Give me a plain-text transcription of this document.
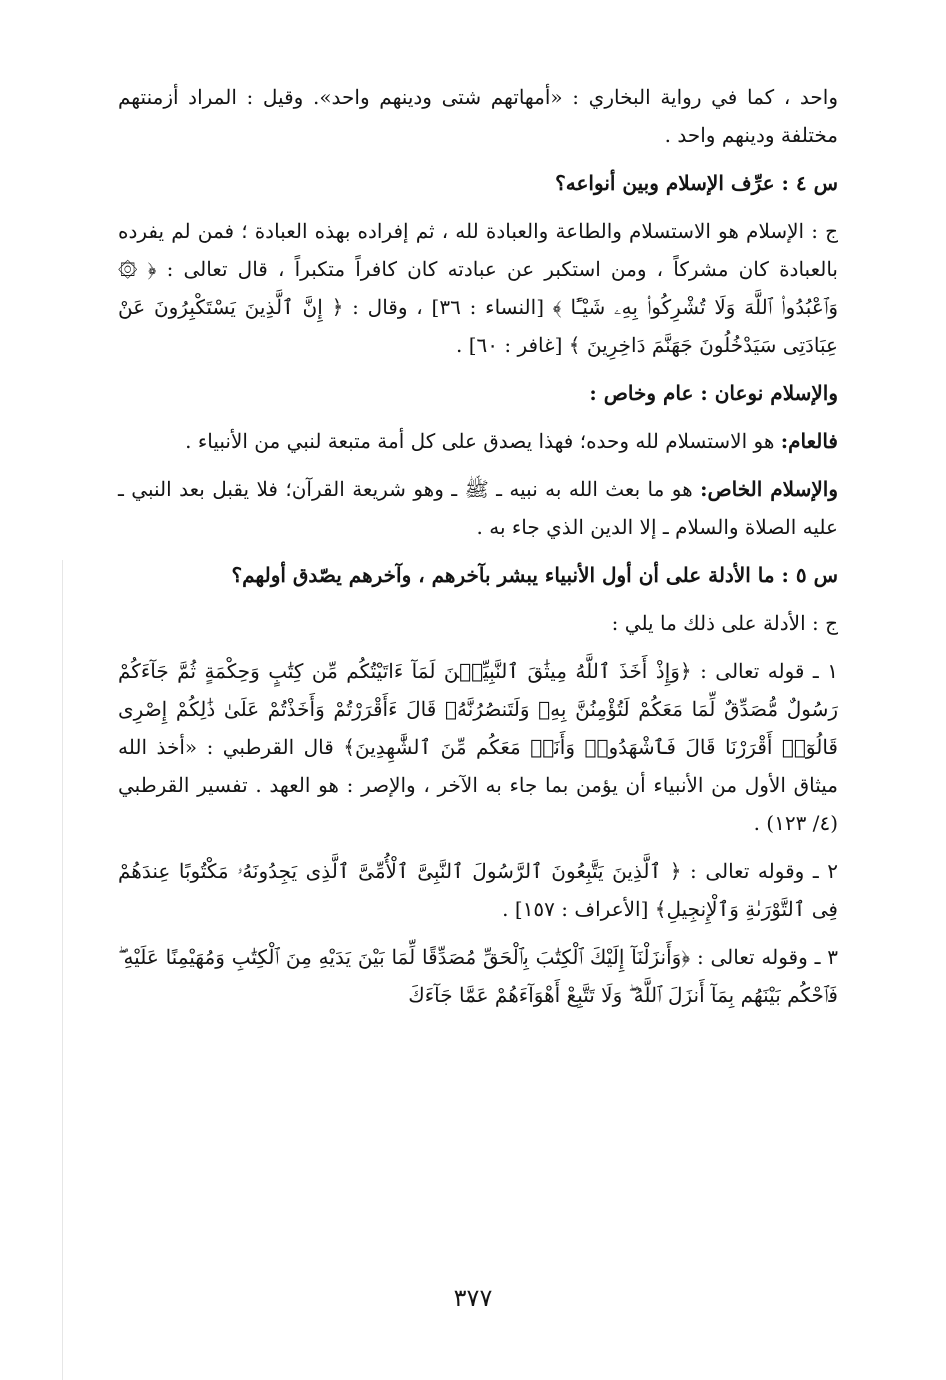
واحد ، كما في رواية البخاري : «أمهاتهم شتى ودينهم واحد». وقيل : المراد أزمنتهم مختلفة ودينهم واحد .

س ٤ : عرِّف الإسلام وبين أنواعه؟

ج : الإسلام هو الاستسلام والطاعة والعبادة لله ، ثم إفراده بهذه العبادة ؛ فمن لم يفرده بالعبادة كان مشركاً ، ومن استكبر عن عبادته كان كافراً متكبراً ، قال تعالى : ﴿ ۞ وَٱعْبُدُوا۟ ٱللَّهَ وَلَا تُشْرِكُوا۟ بِهِۦ شَيْـًٔا ﴾ [النساء : ٣٦] ، وقال : ﴿ إِنَّ ٱلَّذِينَ يَسْتَكْبِرُونَ عَنْ عِبَادَتِى سَيَدْخُلُونَ جَهَنَّمَ دَاخِرِينَ ﴾ [غافر : ٦٠] .

والإسلام نوعان : عام وخاص :

فالعام: هو الاستسلام لله وحده؛ فهذا يصدق على كل أمة متبعة لنبي من الأنبياء .

والإسلام الخاص: هو ما بعث الله به نبيه ـ ﷺ ـ وهو شريعة القرآن؛ فلا يقبل بعد النبي ـ عليه الصلاة والسلام ـ إلا الدين الذي جاء به .

س ٥ : ما الأدلة على أن أول الأنبياء يبشر بآخرهم ، وآخرهم يصّدق أولهم؟

ج : الأدلة على ذلك ما يلي :

١ ـ قوله تعالى : ﴿وَإِذْ أَخَذَ ٱللَّهُ مِيثَٰقَ ٱلنَّبِيِّـۧنَ لَمَآ ءَاتَيْتُكُم مِّن كِتَٰبٍ وَحِكْمَةٍ ثُمَّ جَآءَكُمْ رَسُولٌ مُّصَدِّقٌ لِّمَا مَعَكُمْ لَتُؤْمِنُنَّ بِهِۦ وَلَتَنصُرُنَّهُۥ قَالَ ءَأَقْرَرْتُمْ وَأَخَذْتُمْ عَلَىٰ ذَٰلِكُمْ إِصْرِى قَالُوٓا۟ أَقْرَرْنَا قَالَ فَٱشْهَدُوا۟ وَأَنَا۠ مَعَكُم مِّنَ ٱلشَّٰهِدِينَ﴾ قال القرطبي : «أخذ الله ميثاق الأول من الأنبياء أن يؤمن بما جاء به الآخر ، والإصر : هو العهد . تفسير القرطبي (٤/ ١٢٣) .

٢ ـ وقوله تعالى : ﴿ ٱلَّذِينَ يَتَّبِعُونَ ٱلرَّسُولَ ٱلنَّبِىَّ ٱلْأُمِّىَّ ٱلَّذِى يَجِدُونَهُۥ مَكْتُوبًا عِندَهُمْ فِى ٱلتَّوْرَىٰةِ وَٱلْإِنجِيلِ﴾ [الأعراف : ١٥٧] .

٣ ـ وقوله تعالى : ﴿وَأَنزَلْنَآ إِلَيْكَ ٱلْكِتَٰبَ بِٱلْحَقِّ مُصَدِّقًا لِّمَا بَيْنَ يَدَيْهِ مِنَ ٱلْكِتَٰبِ وَمُهَيْمِنًا عَلَيْهِ ۖ فَٱحْكُم بَيْنَهُم بِمَآ أَنزَلَ ٱللَّهُ ۖ وَلَا تَتَّبِعْ أَهْوَآءَهُمْ عَمَّا جَآءَكَ

٣٧٧
